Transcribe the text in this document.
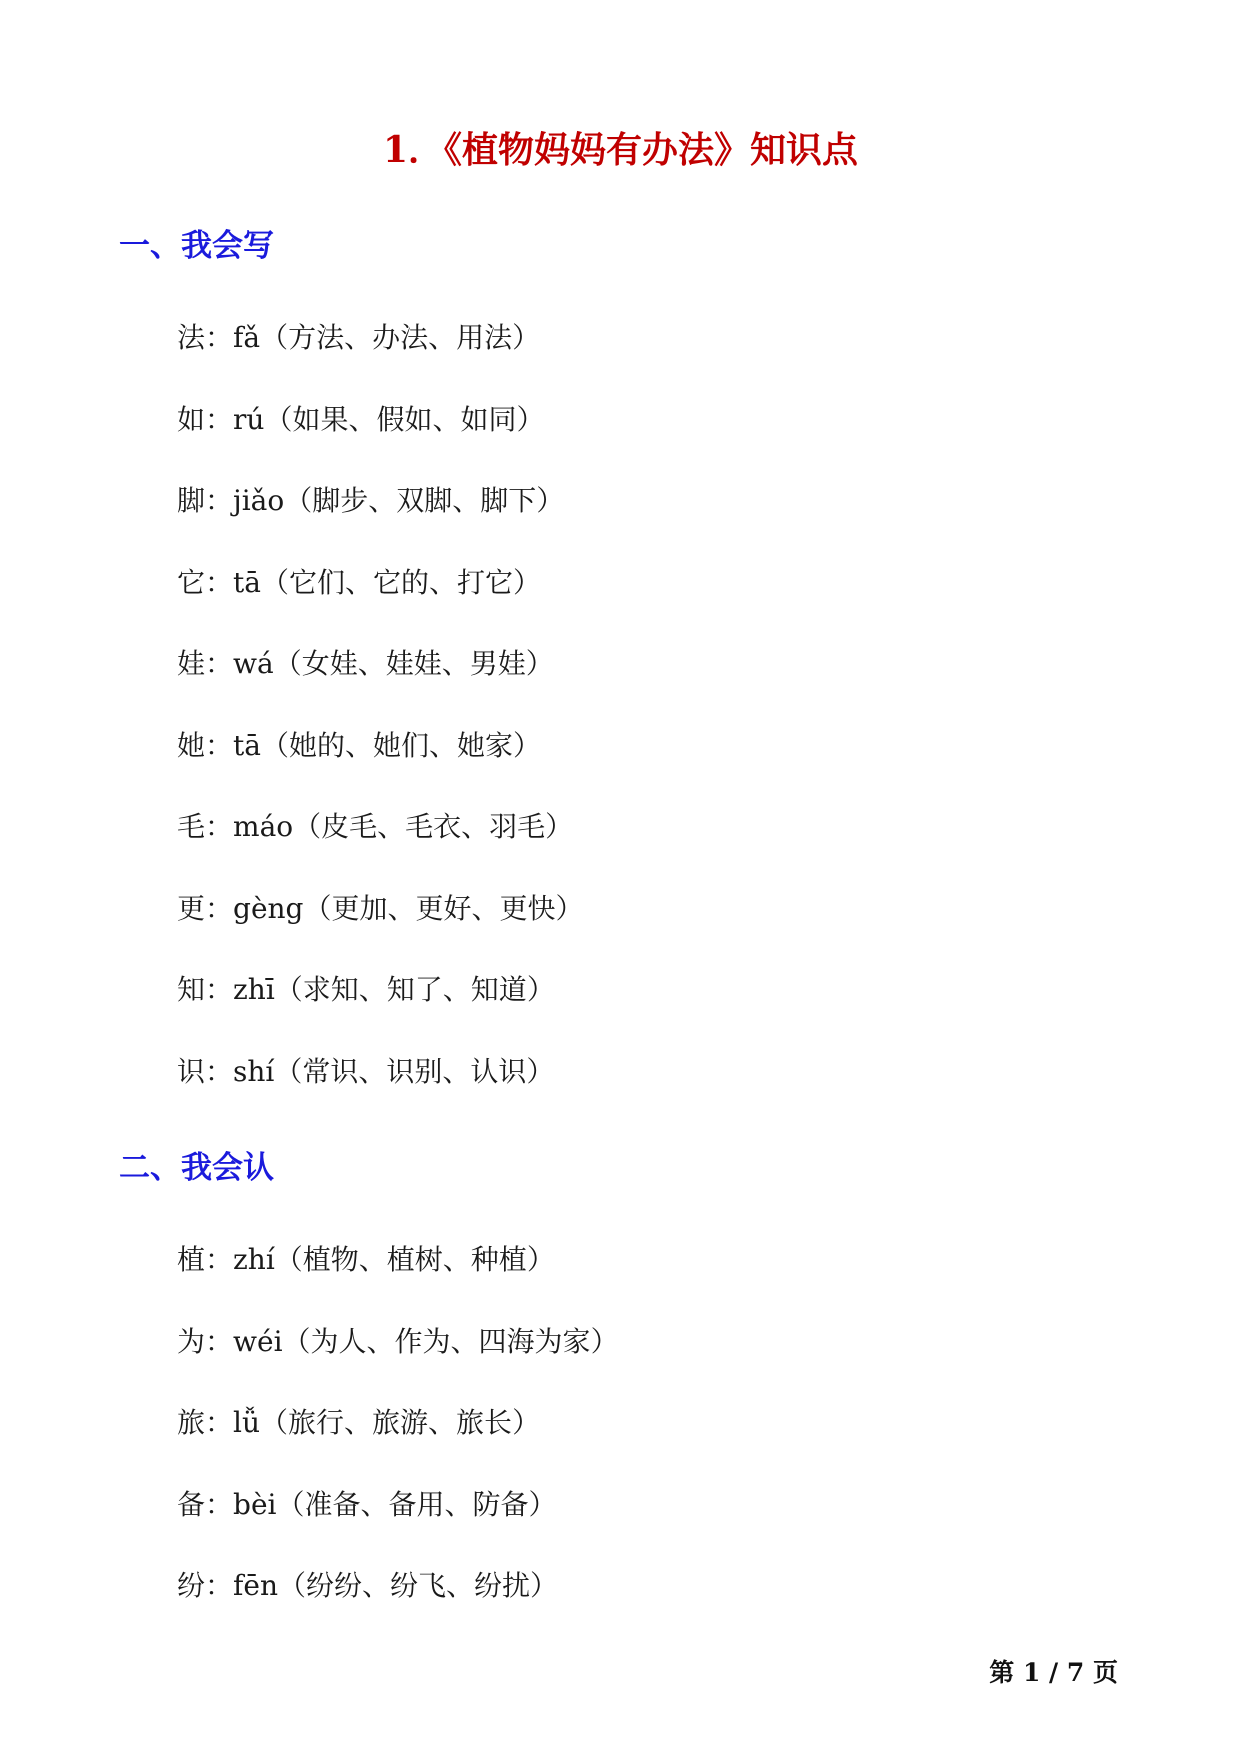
1．《植物妈妈有办法》知识点
一、我会写
法：fǎ（方法、办法、用法）
如：rú（如果、假如、如同）
脚：jiǎo（脚步、双脚、脚下）
它：tā（它们、它的、打它）
娃：wá（女娃、娃娃、男娃）
她：tā（她的、她们、她家）
毛：máo（皮毛、毛衣、羽毛）
更：gèng（更加、更好、更快）
知：zhī（求知、知了、知道）
识：shí（常识、识别、认识）
二、我会认
植：zhí（植物、植树、种植）
为：wéi（为人、作为、四海为家）
旅：lǚ（旅行、旅游、旅长）
备：bèi（准备、备用、防备）
纷：fēn（纷纷、纷飞、纷扰）
第 1 / 7 页
